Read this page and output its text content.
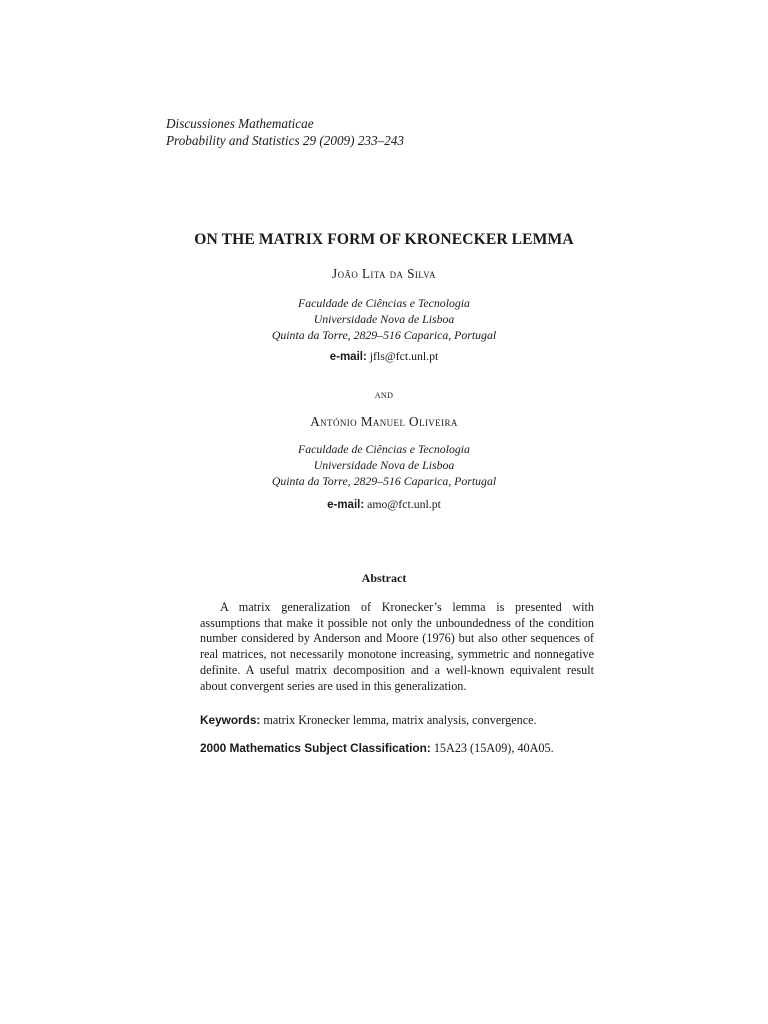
Discussiones Mathematicae
Probability and Statistics 29 (2009) 233–243
ON THE MATRIX FORM OF KRONECKER LEMMA
João Lita da Silva
Faculdade de Ciências e Tecnologia
Universidade Nova de Lisboa
Quinta da Torre, 2829–516 Caparica, Portugal
e-mail: jfls@fct.unl.pt
and
António Manuel Oliveira
Faculdade de Ciências e Tecnologia
Universidade Nova de Lisboa
Quinta da Torre, 2829–516 Caparica, Portugal
e-mail: amo@fct.unl.pt
Abstract

A matrix generalization of Kronecker’s lemma is presented with assumptions that make it possible not only the unboundedness of the condition number considered by Anderson and Moore (1976) but also other sequences of real matrices, not necessarily monotone increasing, symmetric and nonnegative definite. A useful matrix decomposition and a well-known equivalent result about convergent series are used in this generalization.

Keywords: matrix Kronecker lemma, matrix analysis, convergence.
2000 Mathematics Subject Classification: 15A23 (15A09), 40A05.
